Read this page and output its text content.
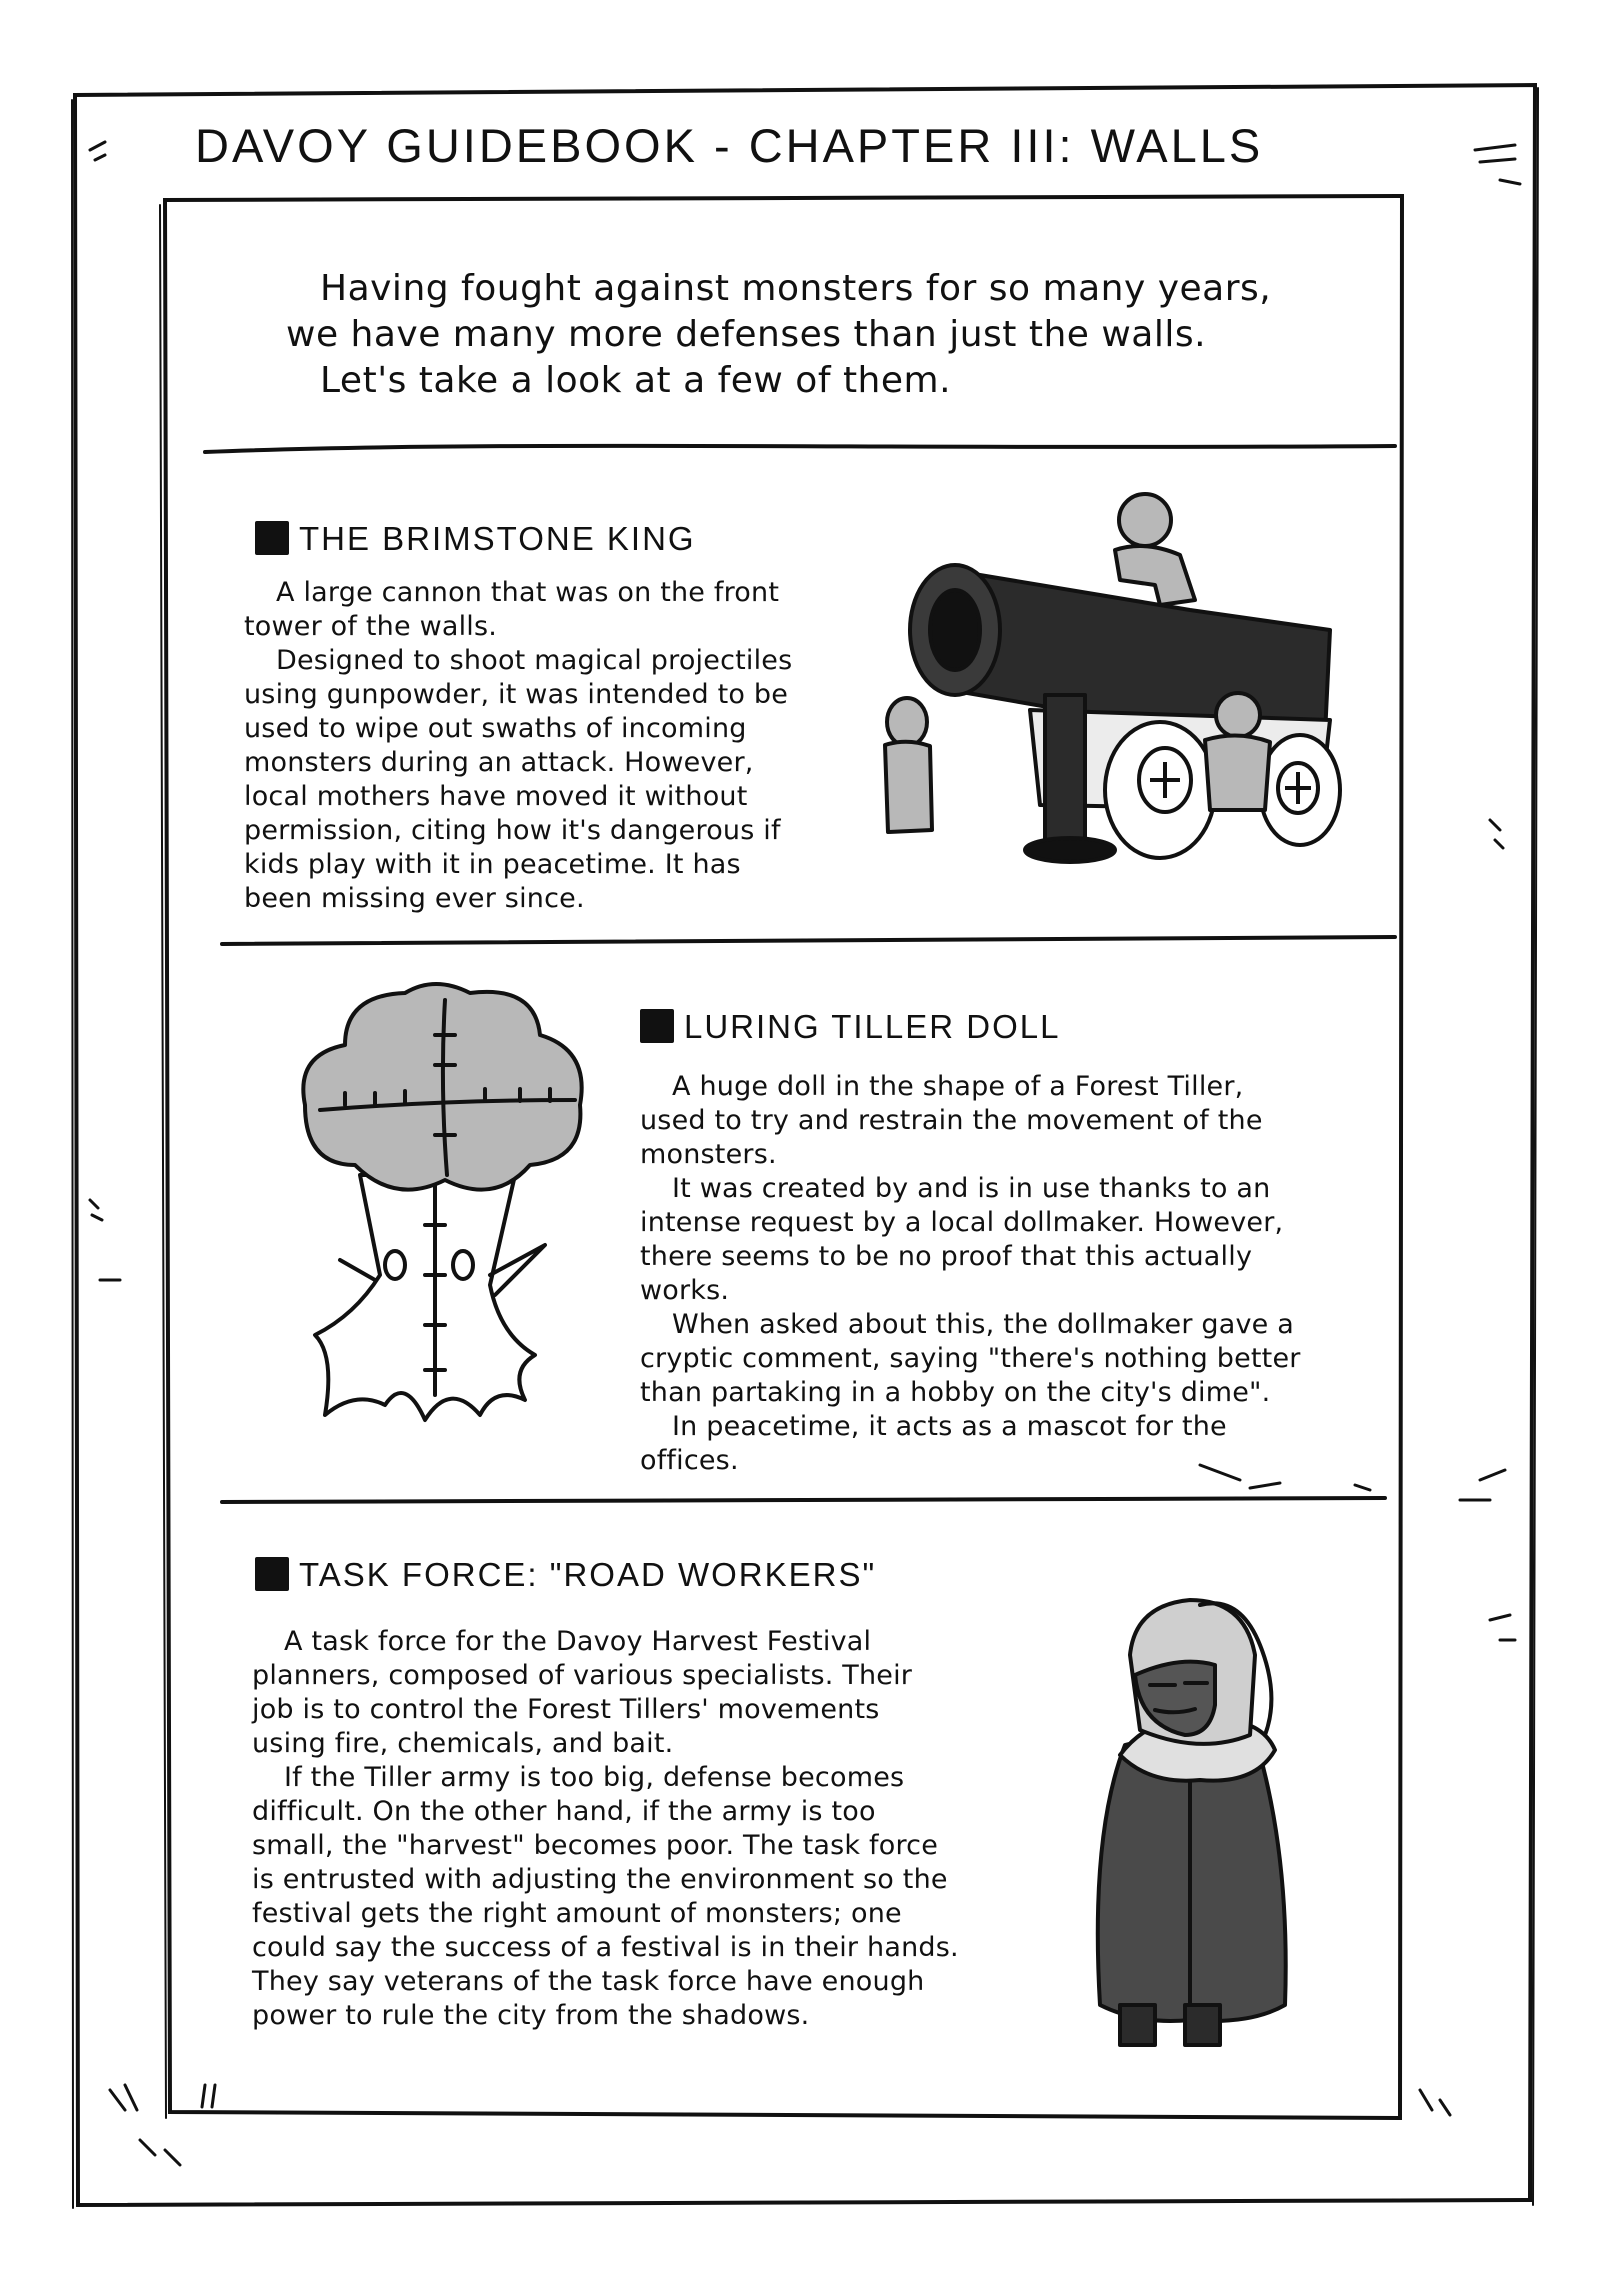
DAVOY GUIDEBOOK - CHAPTER III: WALLS
Having fought against monsters for so many years,
we have many more defenses than just the walls.
Let's take a look at a few of them.
THE BRIMSTONE KING
A large cannon that was on the front
tower of the walls.
Designed to shoot magical projectiles
using gunpowder, it was intended to be
used to wipe out swaths of incoming
monsters during an attack. However,
local mothers have moved it without
permission, citing how it's dangerous if
kids play with it in peacetime. It has
been missing ever since.
LURING TILLER DOLL
A huge doll in the shape of a Forest Tiller,
used to try and restrain the movement of the
monsters.
It was created by and is in use thanks to an
intense request by a local dollmaker. However,
there seems to be no proof that this actually
works.
When asked about this, the dollmaker gave a
cryptic comment, saying "there's nothing better
than partaking in a hobby on the city's dime".
In peacetime, it acts as a mascot for the
offices.
TASK FORCE: "ROAD WORKERS"
A task force for the Davoy Harvest Festival
planners, composed of various specialists. Their
job is to control the Forest Tillers' movements
using fire, chemicals, and bait.
If the Tiller army is too big, defense becomes
difficult. On the other hand, if the army is too
small, the "harvest" becomes poor. The task force
is entrusted with adjusting the environment so the
festival gets the right amount of monsters; one
could say the success of a festival is in their hands.
They say veterans of the task force have enough
power to rule the city from the shadows.
